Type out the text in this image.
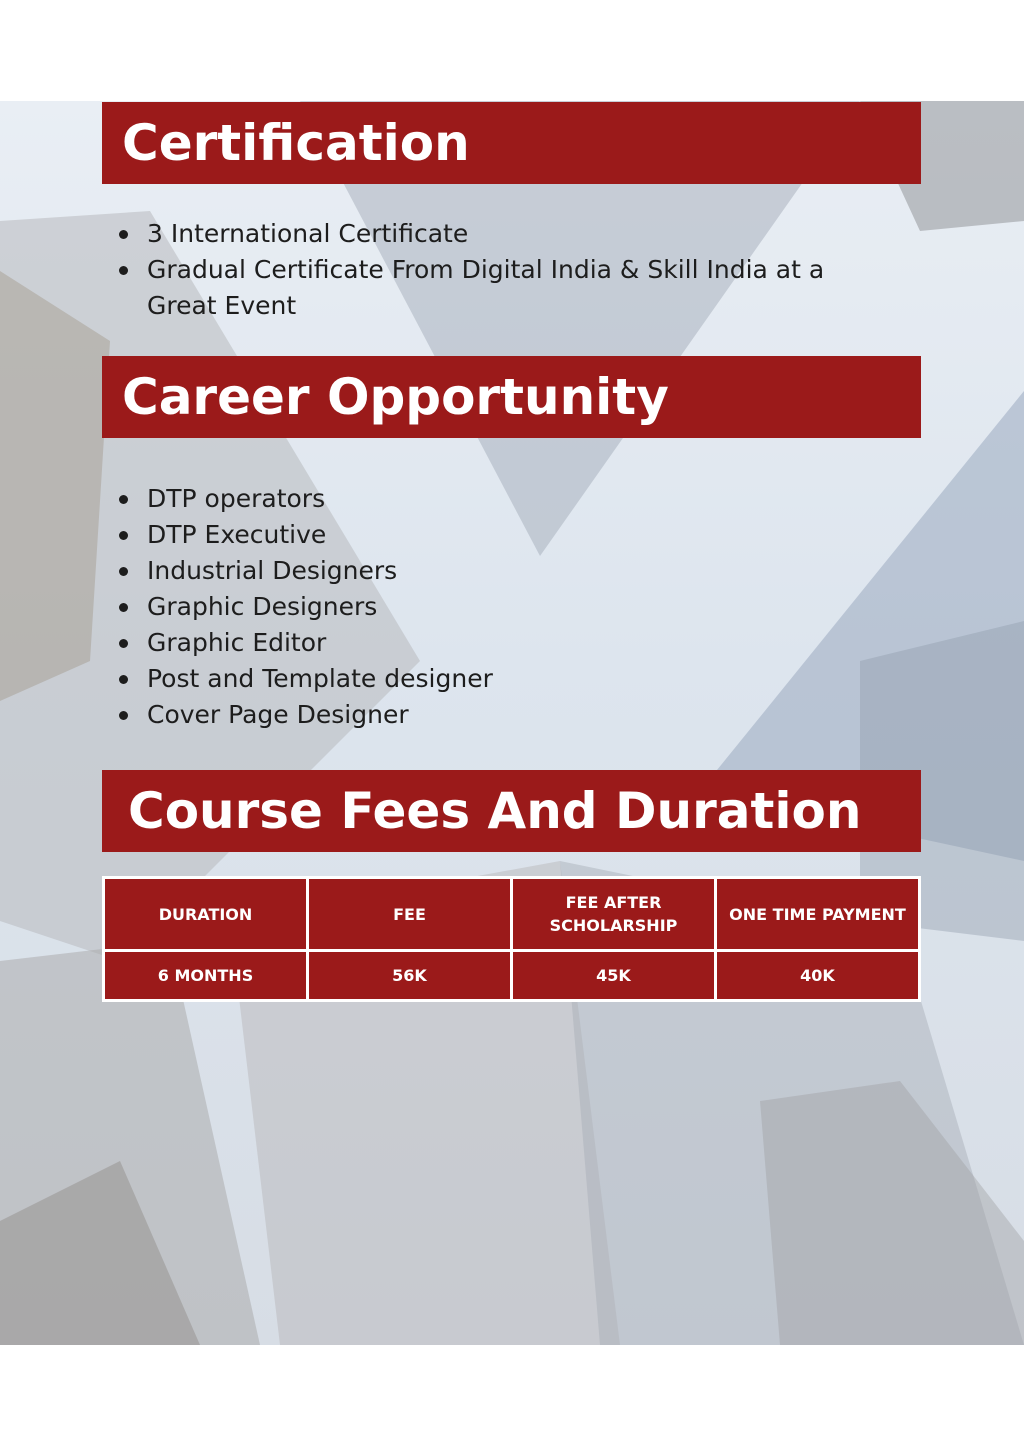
Certification
3 International Certificate
Gradual Certificate From Digital India & Skill India at a Great Event
Career Opportunity
DTP operators
DTP Executive
Industrial Designers
Graphic Designers
Graphic Editor
Post and Template designer
Cover Page Designer
Course Fees And Duration
DURATION	FEE	FEE AFTER SCHOLARSHIP	ONE TIME PAYMENT
6 MONTHS	56K	45K	40K
